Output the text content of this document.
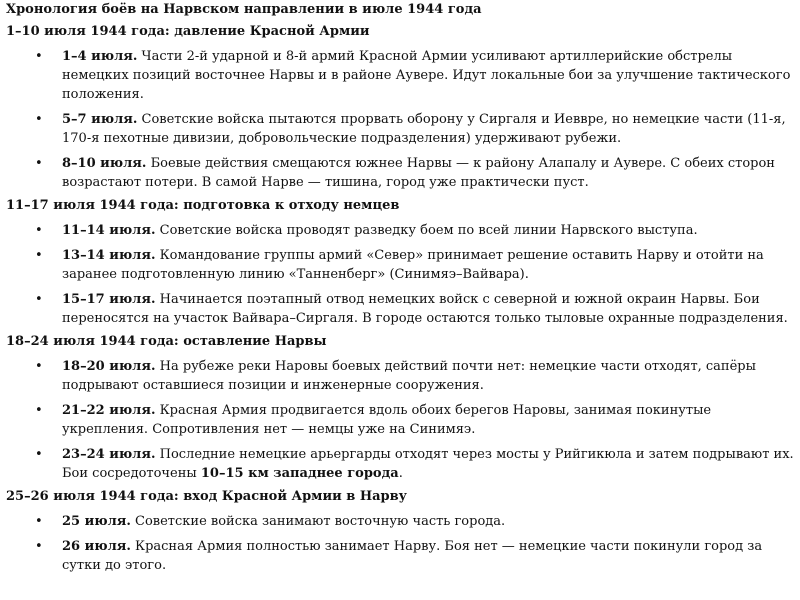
Хронология боёв на Нарвском направлении в июле 1944 года
1–10 июля 1944 года: давление Красной Армии
• 1–4 июля. Части 2-й ударной и 8-й армий Красной Армии усиливают артиллерийские обстрелы немецких позиций восточнее Нарвы и в районе Аувере. Идут локальные бои за улучшение тактического положения.
• 5–7 июля. Советские войска пытаются прорвать оборону у Сиргаля и Иеввре, но немецкие части (11-я, 170-я пехотные дивизии, добровольческие подразделения) удерживают рубежи.
• 8–10 июля. Боевые действия смещаются южнее Нарвы — к району Алапалу и Аувере. С обеих сторон возрастают потери. В самой Нарве — тишина, город уже практически пуст.
11–17 июля 1944 года: подготовка к отходу немцев
• 11–14 июля. Советские войска проводят разведку боем по всей линии Нарвского выступа.
• 13–14 июля. Командование группы армий «Север» принимает решение оставить Нарву и отойти на заранее подготовленную линию «Танненберг» (Синимяэ–Вайвара).
• 15–17 июля. Начинается поэтапный отвод немецких войск с северной и южной окраин Нарвы. Бои переносятся на участок Вайвара–Сиргаля. В городе остаются только тыловые охранные подразделения.
18–24 июля 1944 года: оставление Нарвы
• 18–20 июля. На рубеже реки Наровы боевых действий почти нет: немецкие части отходят, сапёры подрывают оставшиеся позиции и инженерные сооружения.
• 21–22 июля. Красная Армия продвигается вдоль обоих берегов Наровы, занимая покинутые укрепления. Сопротивления нет — немцы уже на Синимяэ.
• 23–24 июля. Последние немецкие арьергарды отходят через мосты у Рийгикюла и затем подрывают их. Бои сосредоточены 10–15 км западнее города.
25–26 июля 1944 года: вход Красной Армии в Нарву
• 25 июля. Советские войска занимают восточную часть города.
• 26 июля. Красная Армия полностью занимает Нарву. Боя нет — немецкие части покинули город за сутки до этого.
